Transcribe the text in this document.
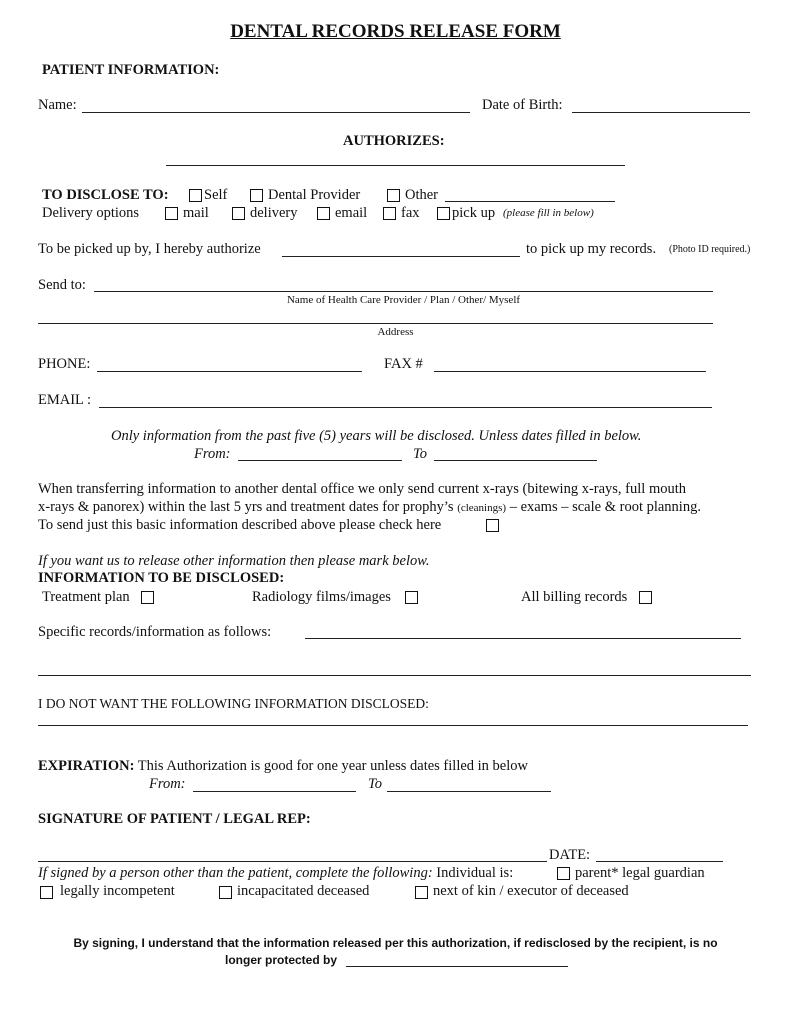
DENTAL RECORDS RELEASE FORM
PATIENT INFORMATION:
Name:	Date of Birth:
AUTHORIZES:
TO DISCLOSE TO: Self	Dental Provider	Other
Delivery options	mail	delivery	email fax pick up (please fill in below)
To be picked up by, I hereby authorize	to pick up my records. (Photo ID required.)
Send to:
Name of Health Care Provider / Plan / Other/ Myself
Address
PHONE:	FAX #
EMAIL :
Only information from the past five (5) years will be disclosed. Unless dates filled in below.
From:	To
When transferring information to another dental office we only send current x-rays (bitewing x-rays, full mouth
x-rays & panorex) within the last 5 yrs and treatment dates for prophy’s (cleanings) – exams – scale & root planning.
To send just this basic information described above please check here
If you want us to release other information then please mark below.
INFORMATION TO BE DISCLOSED:
Treatment plan	Radiology films/images	All billing records
Specific records/information as follows:
I DO NOT WANT THE FOLLOWING INFORMATION DISCLOSED:
EXPIRATION: This Authorization is good for one year unless dates filled in below
From:	To
SIGNATURE OF PATIENT / LEGAL REP:
DATE:
If signed by a person other than the patient, complete the following: Individual is:	parent* legal guardian
legally incompetent	incapacitated deceased	next of kin / executor of deceased
By signing, I understand that the information released per this authorization, if redisclosed by the recipient, is no
longer protected by
